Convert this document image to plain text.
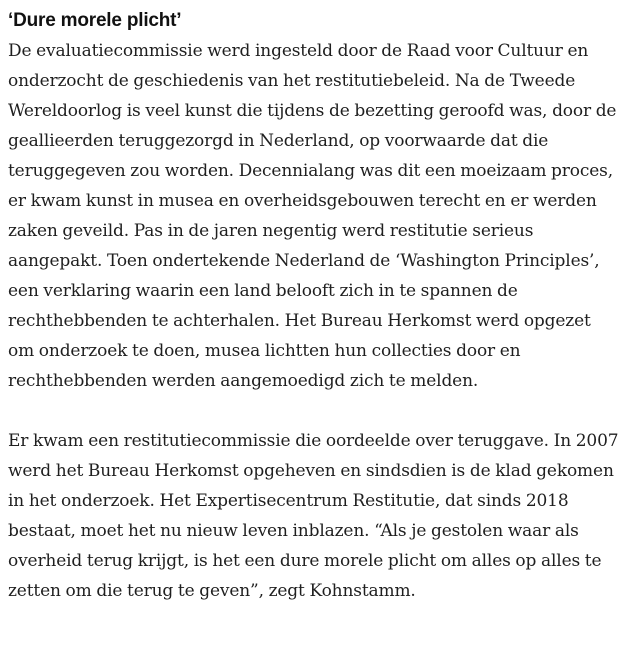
‘Dure morele plicht’

De evaluatiecommissie werd ingesteld door de Raad voor Cultuur en onderzocht de geschiedenis van het restitutiebeleid. Na de Tweede Wereldoorlog is veel kunst die tijdens de bezetting geroofd was, door de geallieerden teruggezorgd in Nederland, op voorwaarde dat die teruggegeven zou worden. Decennialang was dit een moeizaam proces, er kwam kunst in musea en overheidsgebouwen terecht en er werden zaken geveild. Pas in de jaren negentig werd restitutie serieus aangepakt. Toen ondertekende Nederland de ‘Washington Principles’, een verklaring waarin een land belooft zich in te spannen de rechthebbenden te achterhalen. Het Bureau Herkomst werd opgezet om onderzoek te doen, musea lichtten hun collecties door en rechthebbenden werden aangemoedigd zich te melden.

Er kwam een restitutiecommissie die oordeelde over teruggave. In 2007 werd het Bureau Herkomst opgeheven en sindsdien is de klad gekomen in het onderzoek. Het Expertisecentrum Restitutie, dat sinds 2018 bestaat, moet het nu nieuw leven inblazen. “Als je gestolen waar als overheid terug krijgt, is het een dure morele plicht om alles op alles te zetten om die terug te geven”, zegt Kohnstamm.
